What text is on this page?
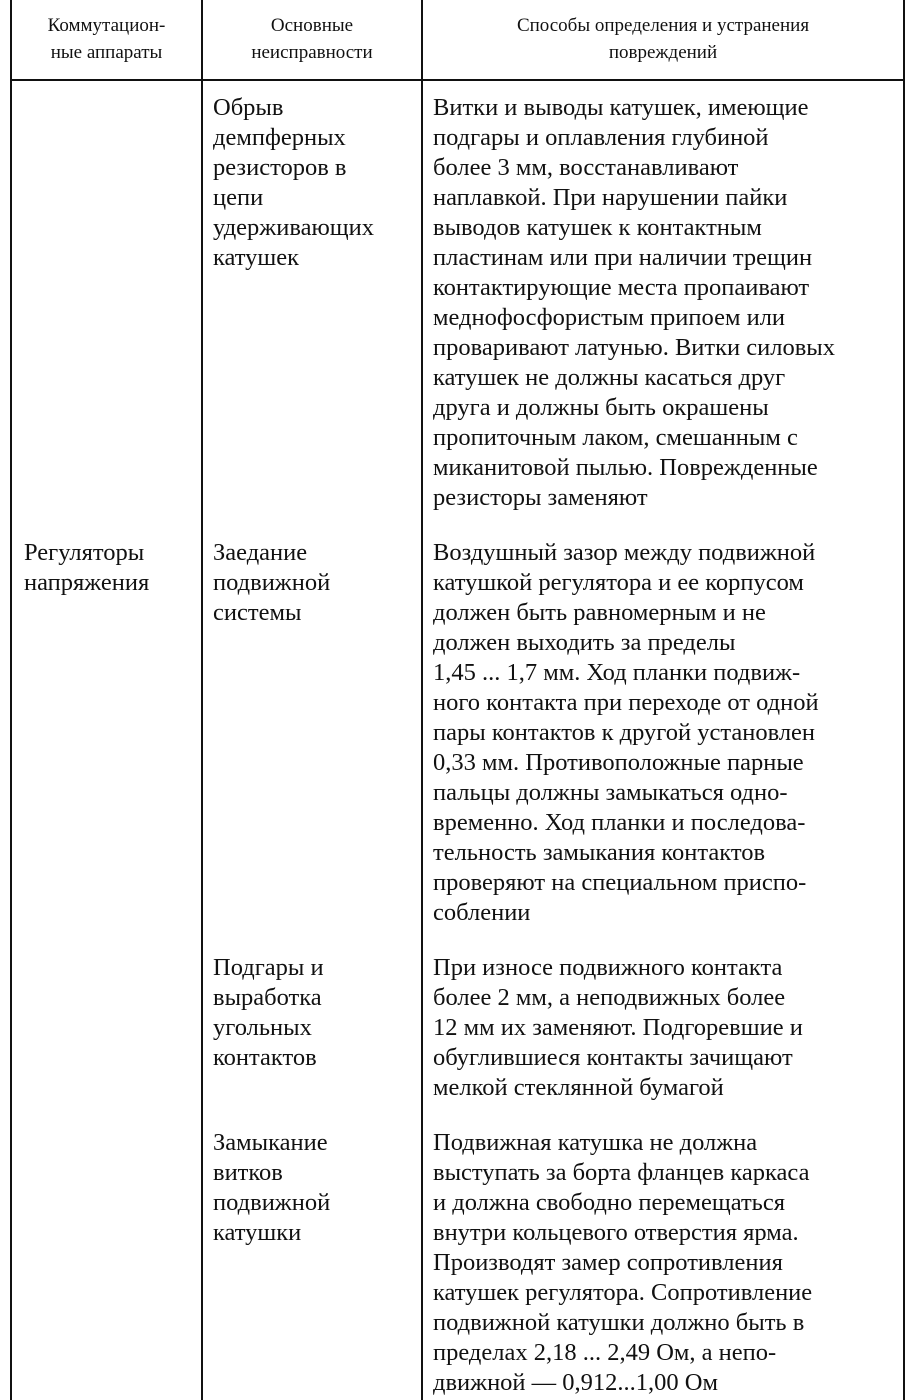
Коммутацион-
ные аппараты
Основные
неисправности
Способы определения и устранения
повреждений
Обрыв
демпферных
резисторов в
цепи
удерживающих
катушек
Витки и выводы катушек, имеющие
подгары и оплавления глубиной
более 3 мм, восстанавливают
наплавкой. При нарушении пайки
выводов катушек к контактным
пластинам или при наличии трещин
контактирующие места пропаивают
меднофосфористым припоем или
проваривают латунью. Витки силовых
катушек не должны касаться друг
друга и должны быть окрашены
пропиточным лаком, смешанным с
миканитовой пылью. Поврежденные
резисторы заменяют
Регуляторы
напряжения
Заедание
подвижной
системы
Воздушный зазор между подвижной
катушкой регулятора и ее корпусом
должен быть равномерным и не
должен выходить за пределы
1,45 ... 1,7 мм. Ход планки подвиж-
ного контакта при переходе от одной
пары контактов к другой установлен
0,33 мм. Противоположные парные
пальцы должны замыкаться одно-
временно. Ход планки и последова-
тельность замыкания контактов
проверяют на специальном приспо-
соблении
Подгары и
выработка
угольных
контактов
При износе подвижного контакта
более 2 мм, а неподвижных более
12 мм их заменяют. Подгоревшие и
обуглившиеся контакты зачищают
мелкой стеклянной бумагой
Замыкание
витков
подвижной
катушки
Подвижная катушка не должна
выступать за борта фланцев каркаса
и должна свободно перемещаться
внутри кольцевого отверстия ярма.
Производят замер сопротивления
катушек регулятора. Сопротивление
подвижной катушки должно быть в
пределах 2,18 ... 2,49 Ом, а непо-
движной — 0,912...1,00 Ом
